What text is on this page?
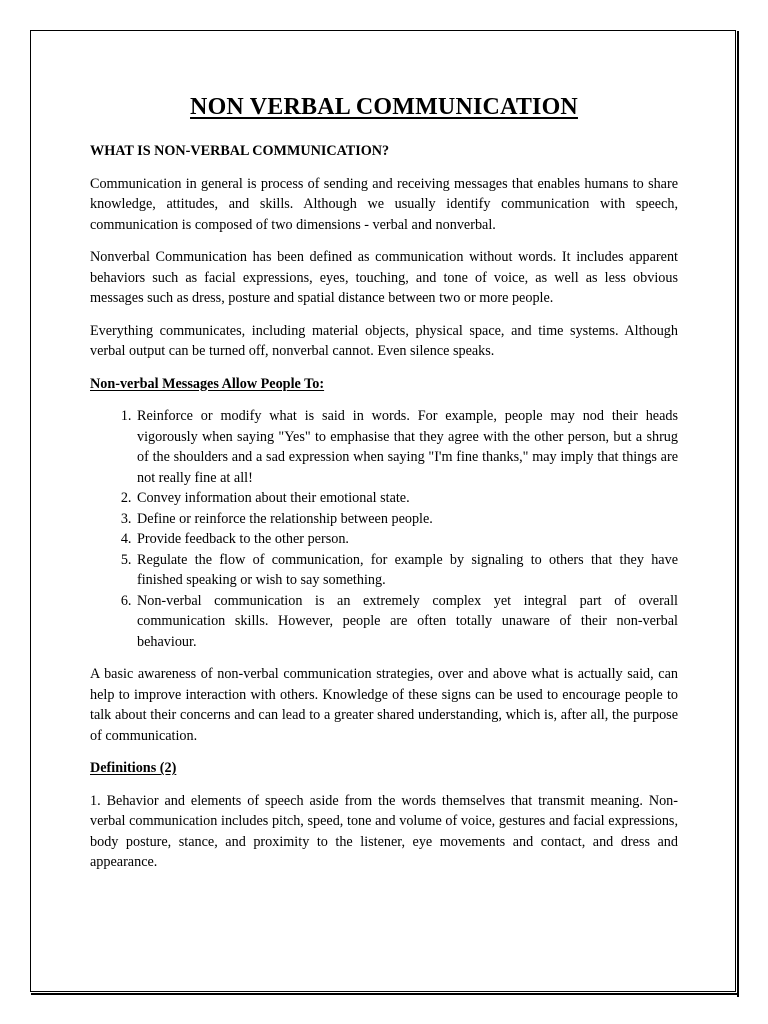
NON VERBAL COMMUNICATION
WHAT IS NON-VERBAL COMMUNICATION?

Communication in general is process of sending and receiving messages that enables humans to share knowledge, attitudes, and skills. Although we usually identify communication with speech, communication is composed of two dimensions - verbal and nonverbal.

Nonverbal Communication has been defined as communication without words. It includes apparent behaviors such as facial expressions, eyes, touching, and tone of voice, as well as less obvious messages such as dress, posture and spatial distance between two or more people.

Everything communicates, including material objects, physical space, and time systems. Although verbal output can be turned off, nonverbal cannot. Even silence speaks.

Non-verbal Messages Allow People To:
1. Reinforce or modify what is said in words. For example, people may nod their heads vigorously when saying "Yes" to emphasise that they agree with the other person, but a shrug of the shoulders and a sad expression when saying "I'm fine thanks," may imply that things are not really fine at all!
2. Convey information about their emotional state.
3. Define or reinforce the relationship between people.
4. Provide feedback to the other person.
5. Regulate the flow of communication, for example by signaling to others that they have finished speaking or wish to say something.
6. Non-verbal communication is an extremely complex yet integral part of overall communication skills. However, people are often totally unaware of their non-verbal behaviour.

A basic awareness of non-verbal communication strategies, over and above what is actually said, can help to improve interaction with others. Knowledge of these signs can be used to encourage people to talk about their concerns and can lead to a greater shared understanding, which is, after all, the purpose of communication.

Definitions (2)

1. Behavior and elements of speech aside from the words themselves that transmit meaning. Non-verbal communication includes pitch, speed, tone and volume of voice, gestures and facial expressions, body posture, stance, and proximity to the listener, eye movements and contact, and dress and appearance.
